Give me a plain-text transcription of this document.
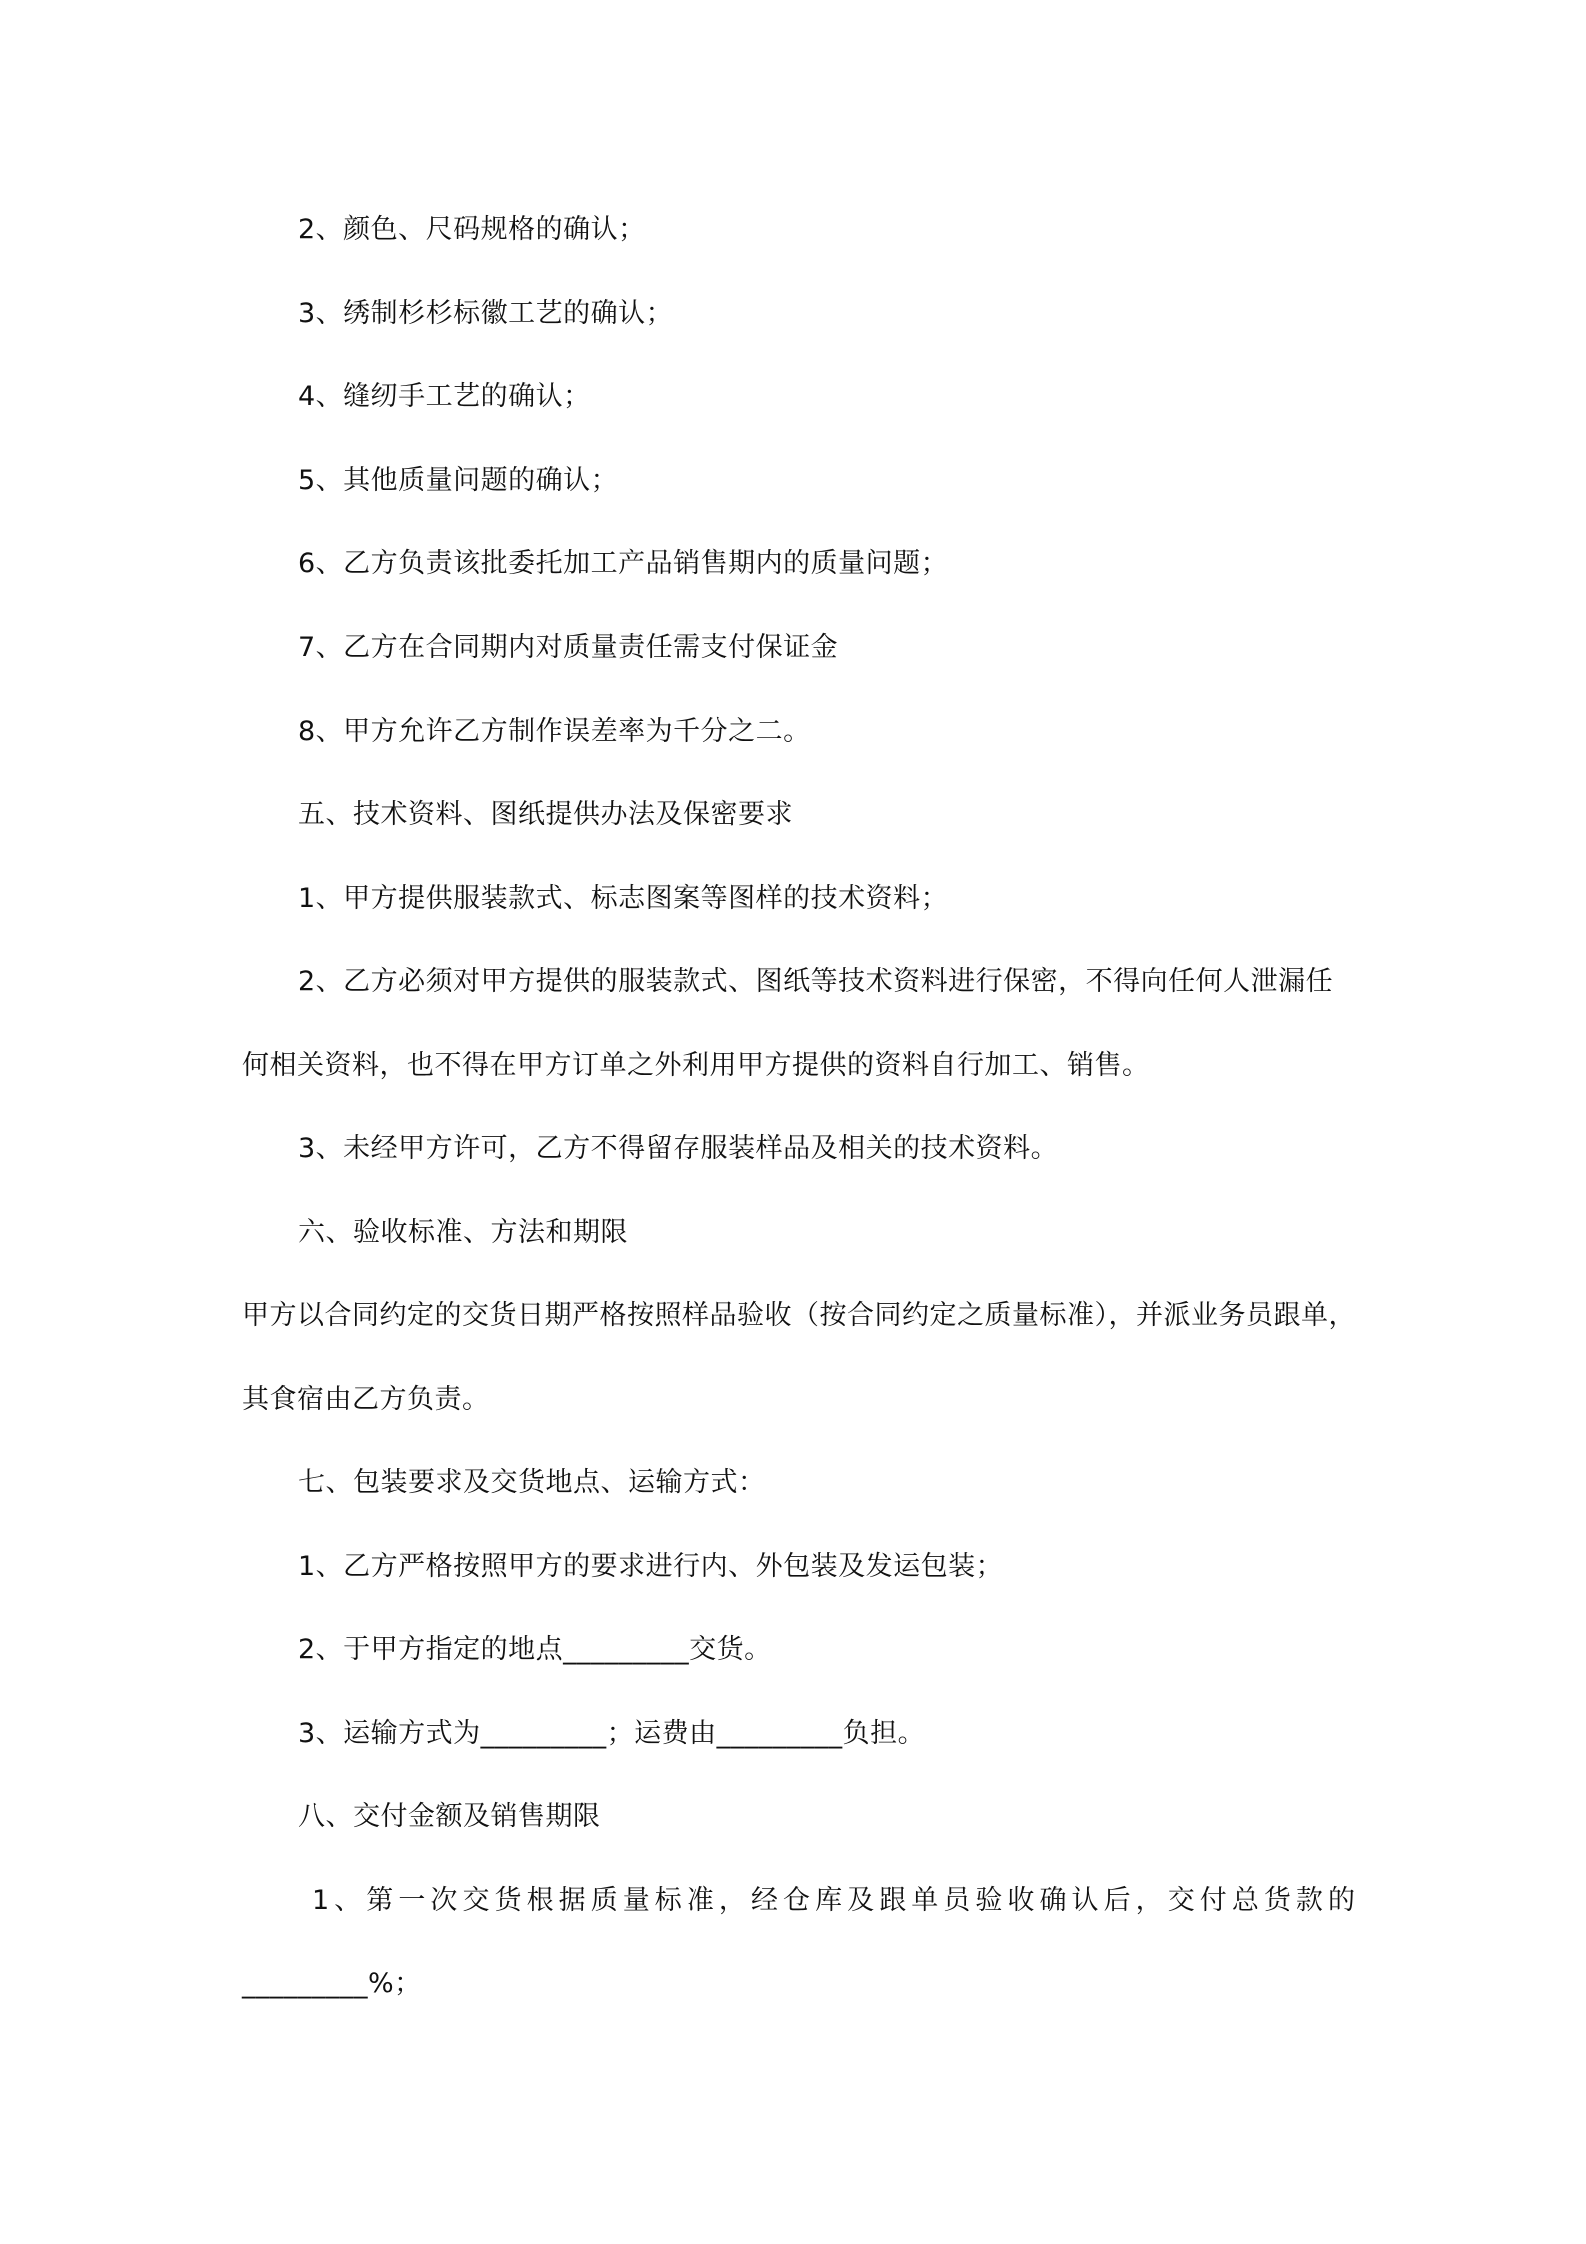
2、颜色、尺码规格的确认；
3、绣制杉杉标徽工艺的确认；
4、缝纫手工艺的确认；
5、其他质量问题的确认；
6、乙方负责该批委托加工产品销售期内的质量问题；
7、乙方在合同期内对质量责任需支付保证金
8、甲方允许乙方制作误差率为千分之二。
五、技术资料、图纸提供办法及保密要求
1、甲方提供服装款式、标志图案等图样的技术资料；
2、乙方必须对甲方提供的服装款式、图纸等技术资料进行保密，不得向任何人泄漏任
何相关资料，也不得在甲方订单之外利用甲方提供的资料自行加工、销售。
3、未经甲方许可，乙方不得留存服装样品及相关的技术资料。
六、验收标准、方法和期限
甲方以合同约定的交货日期严格按照样品验收（按合同约定之质量标准），并派业务员跟单，
其食宿由乙方负责。
七、包装要求及交货地点、运输方式：
1、乙方严格按照甲方的要求进行内、外包装及发运包装；
2、于甲方指定的地点_________交货。
3、运输方式为_________；运费由_________负担。
八、交付金额及销售期限
1、第一次交货根据质量标准，经仓库及跟单员验收确认后，交付总货款的
_________%；
